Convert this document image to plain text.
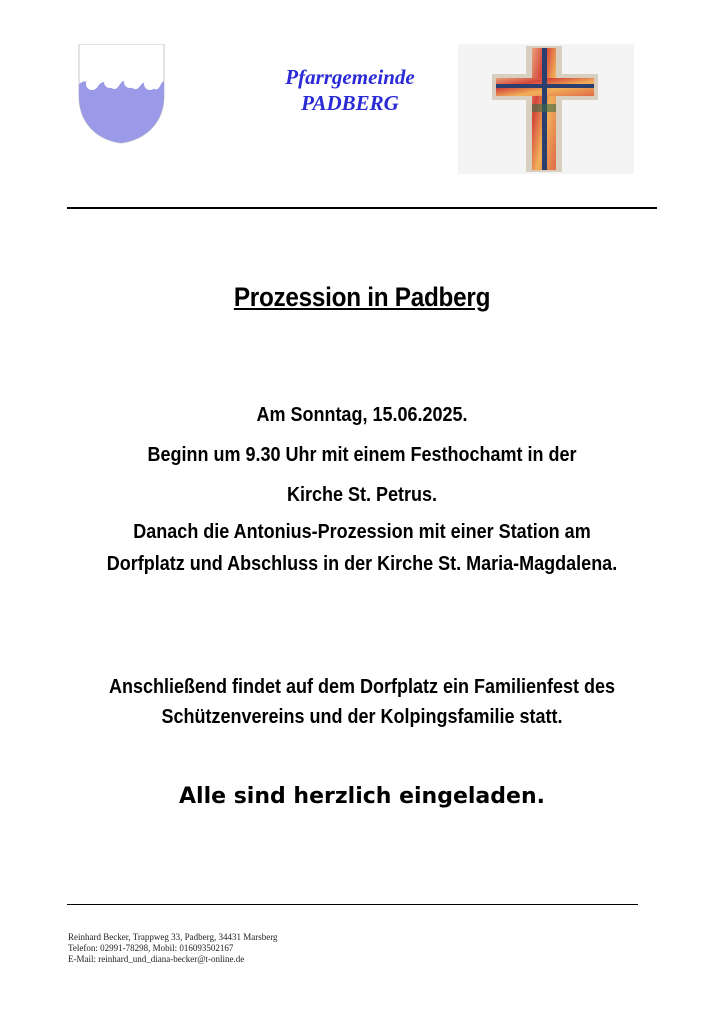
Pfarrgemeinde
PADBERG
Prozession in Padberg
Am Sonntag, 15.06.2025.
Beginn um 9.30 Uhr mit einem Festhochamt in der
Kirche St. Petrus.
Danach die Antonius-Prozession mit einer Station am
Dorfplatz und Abschluss in der Kirche St. Maria-Magdalena.
Anschließend findet auf dem Dorfplatz ein Familienfest des
Schützenvereins und der Kolpingsfamilie statt.
Alle sind herzlich eingeladen.
Reinhard Becker, Trappweg 33, Padberg, 34431 Marsberg
Telefon: 02991-78298, Mobil: 016093502167
E-Mail: reinhard_und_diana-becker@t-online.de
